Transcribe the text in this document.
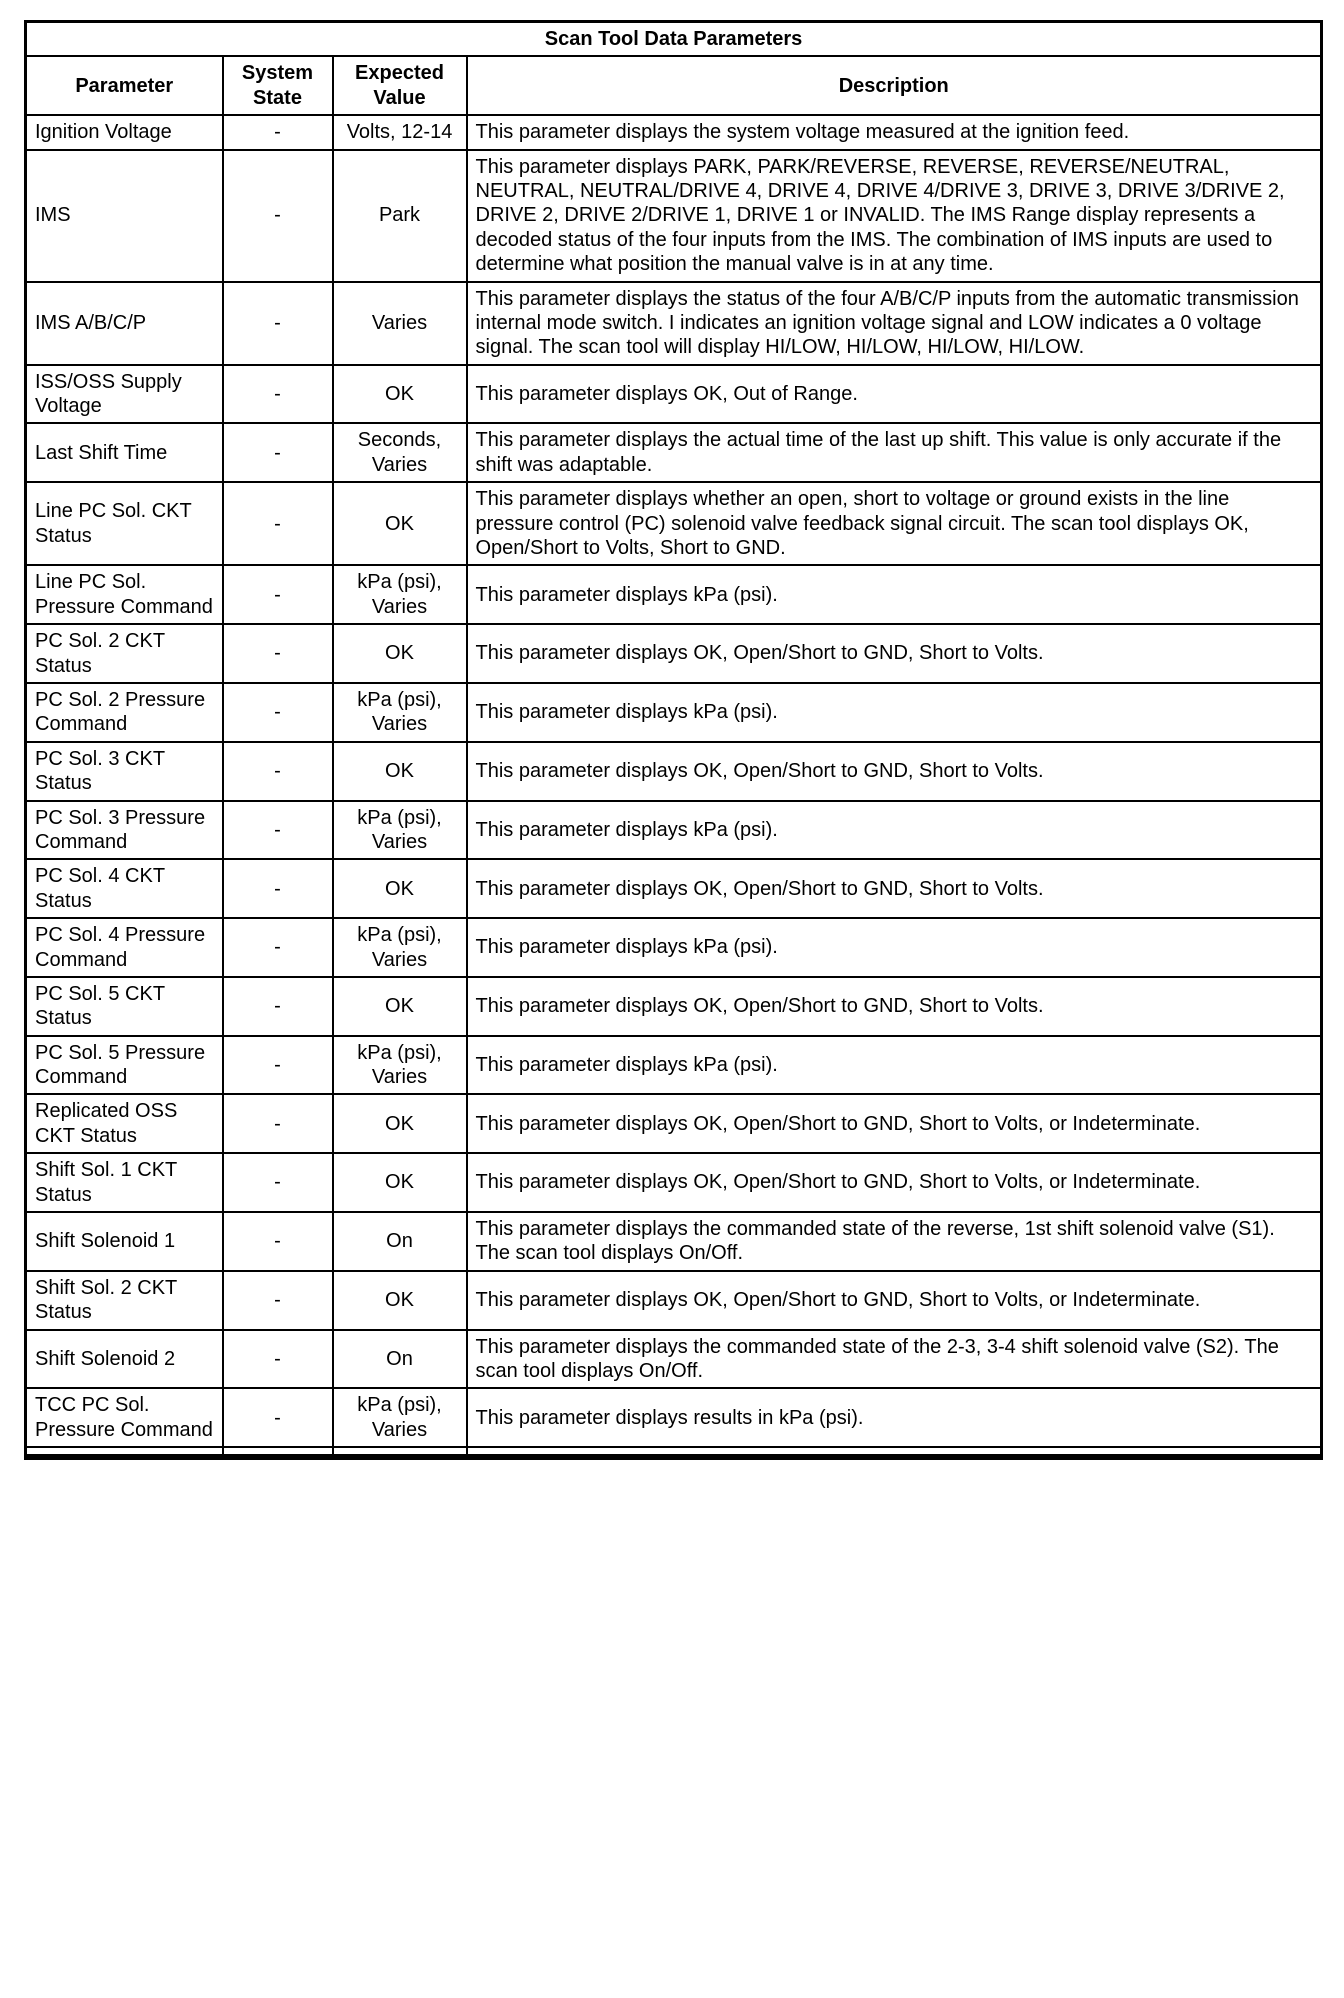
Scan Tool Data Parameters			
Parameter	System State	Expected Value	Description
Ignition Voltage	-	Volts, 12-14	This parameter displays the system voltage measured at the ignition feed.
IMS	-	Park	This parameter displays PARK, PARK/REVERSE, REVERSE, REVERSE/NEUTRAL, NEUTRAL, NEUTRAL/DRIVE 4, DRIVE 4, DRIVE 4/DRIVE 3, DRIVE 3, DRIVE 3/DRIVE 2, DRIVE 2, DRIVE 2/DRIVE 1, DRIVE 1 or INVALID. The IMS Range display represents a decoded status of the four inputs from the IMS. The combination of IMS inputs are used to determine what position the manual valve is in at any time.
IMS A/B/C/P	-	Varies	This parameter displays the status of the four A/B/C/P inputs from the automatic transmission internal mode switch. I indicates an ignition voltage signal and LOW indicates a 0 voltage signal. The scan tool will display HI/LOW, HI/LOW, HI/LOW, HI/LOW.
ISS/OSS Supply Voltage	-	OK	This parameter displays OK, Out of Range.
Last Shift Time	-	Seconds, Varies	This parameter displays the actual time of the last up shift. This value is only accurate if the shift was adaptable.
Line PC Sol. CKT Status	-	OK	This parameter displays whether an open, short to voltage or ground exists in the line pressure control (PC) solenoid valve feedback signal circuit. The scan tool displays OK, Open/Short to Volts, Short to GND.
Line PC Sol. Pressure Command	-	kPa (psi), Varies	This parameter displays kPa (psi).
PC Sol. 2 CKT Status	-	OK	This parameter displays OK, Open/Short to GND, Short to Volts.
PC Sol. 2 Pressure Command	-	kPa (psi), Varies	This parameter displays kPa (psi).
PC Sol. 3 CKT Status	-	OK	This parameter displays OK, Open/Short to GND, Short to Volts.
PC Sol. 3 Pressure Command	-	kPa (psi), Varies	This parameter displays kPa (psi).
PC Sol. 4 CKT Status	-	OK	This parameter displays OK, Open/Short to GND, Short to Volts.
PC Sol. 4 Pressure Command	-	kPa (psi), Varies	This parameter displays kPa (psi).
PC Sol. 5 CKT Status	-	OK	This parameter displays OK, Open/Short to GND, Short to Volts.
PC Sol. 5 Pressure Command	-	kPa (psi), Varies	This parameter displays kPa (psi).
Replicated OSS CKT Status	-	OK	This parameter displays OK, Open/Short to GND, Short to Volts, or Indeterminate.
Shift Sol. 1 CKT Status	-	OK	This parameter displays OK, Open/Short to GND, Short to Volts, or Indeterminate.
Shift Solenoid 1	-	On	This parameter displays the commanded state of the reverse, 1st shift solenoid valve (S1). The scan tool displays On/Off.
Shift Sol. 2 CKT Status	-	OK	This parameter displays OK, Open/Short to GND, Short to Volts, or Indeterminate.
Shift Solenoid 2	-	On	This parameter displays the commanded state of the 2-3, 3-4 shift solenoid valve (S2). The scan tool displays On/Off.
TCC PC Sol. Pressure Command	-	kPa (psi), Varies	This parameter displays results in kPa (psi).
